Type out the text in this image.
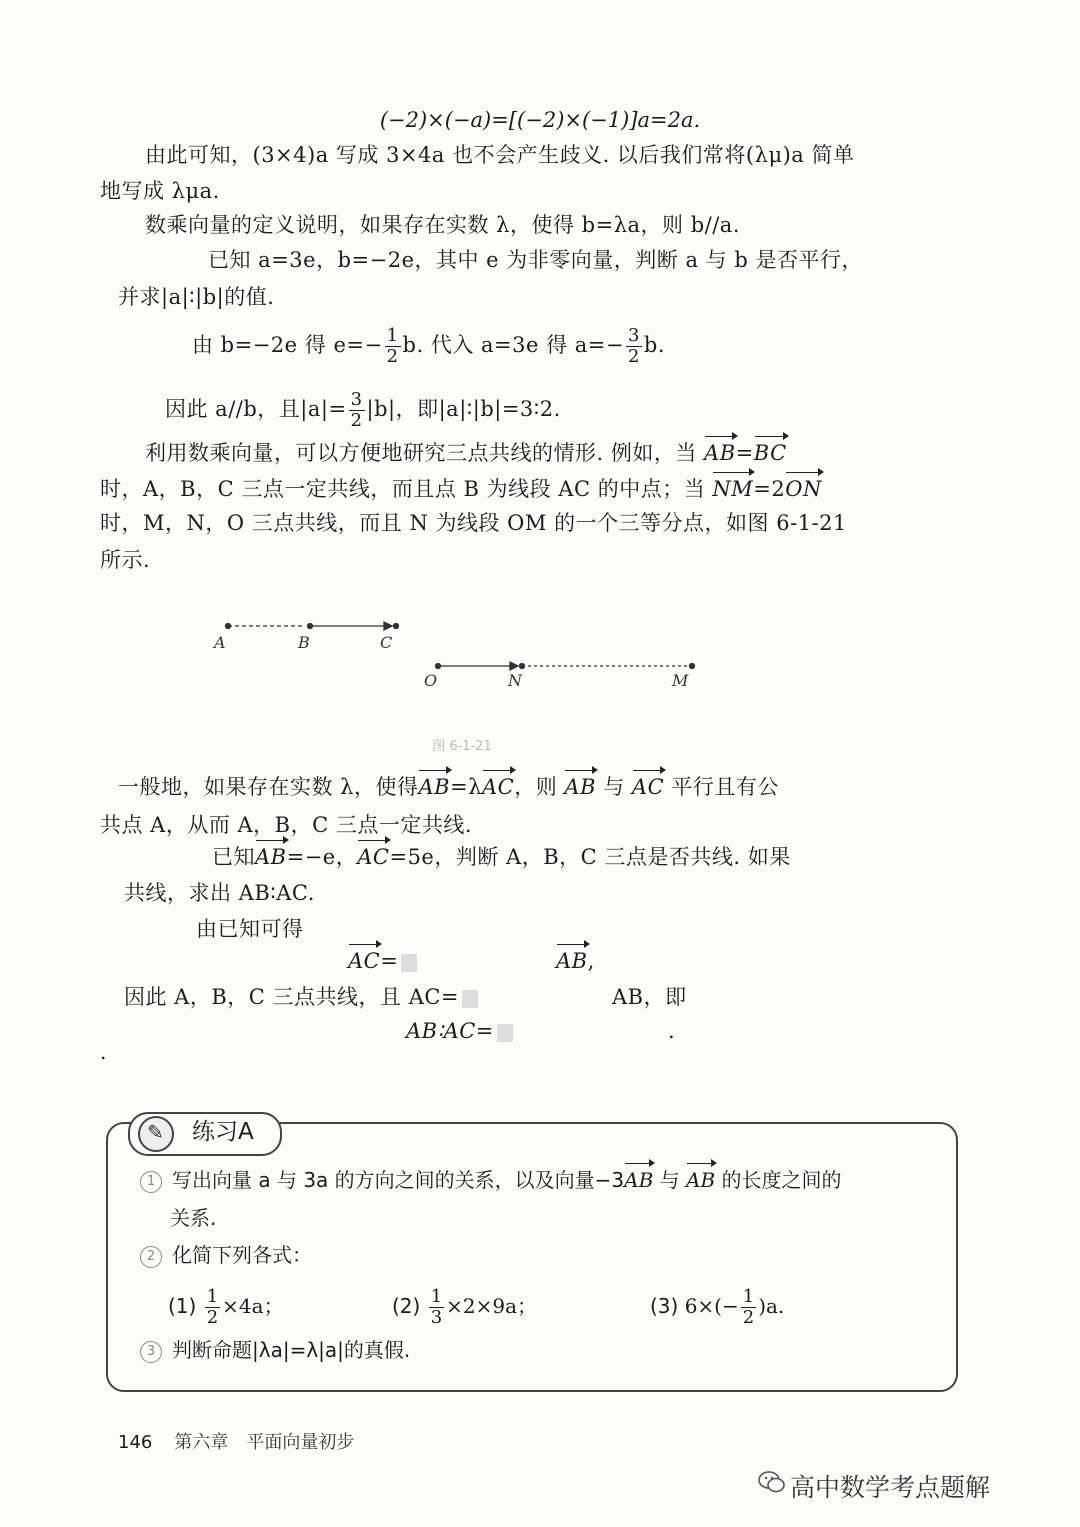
(−2)×(−a)=[(−2)×(−1)]a=2a.
由此可知，(3×4)a 写成 3×4a 也不会产生歧义. 以后我们常将(λμ)a 简单
地写成 λμa.
数乘向量的定义说明，如果存在实数 λ，使得 b=λa，则 b//a.
已知 a=3e，b=−2e，其中 e 为非零向量，判断 a 与 b 是否平行，
并求|a|∶|b|的值.
由 b=−2e 得 $e=- \frac{1}{2} b$. 代入 a=3e 得 $a=- \frac{3}{2} b$.
因此 a//b，且$|a|= \frac{3}{2} |b|$，即|a|∶|b|=3∶2.
利用数乘向量，可以方便地研究三点共线的情形. 例如，当 AB=BC
时，A，B，C 三点一定共线，而且点 B 为线段 AC 的中点；当 NM=2ON
时，M，N，O 三点共线，而且 N 为线段 OM 的一个三等分点，如图 6-1-21
所示.
A	B	C
O	N	M
图 6-1-21
一般地，如果存在实数 λ，使得AB=λAC，则 AB 与 AC 平行且有公
共点 A，从而 A，B，C 三点一定共线.
已知AB=−e，AC=5e，判断 A，B，C 三点是否共线. 如果
共线，求出 AB∶AC.
由已知可得
AC=	AB,
因此 A，B，C 三点共线，且 AC=	AB，即
AB∶AC=	.
.
✎
练习A
1 写出向量 a 与 3a 的方向之间的关系，以及向量−3AB 与 AB 的长度之间的
关系.
2 化简下列各式：
$(1) \frac{1}{2} \times 4a$；	$(2) \frac{1}{3} \times 2\times 9a$；	(3) $6\times(- \frac{1}{2} )a$.
3 判断命题|λa|=λ|a|的真假.
146 第六章　平面向量初步
高中数学考点题解
